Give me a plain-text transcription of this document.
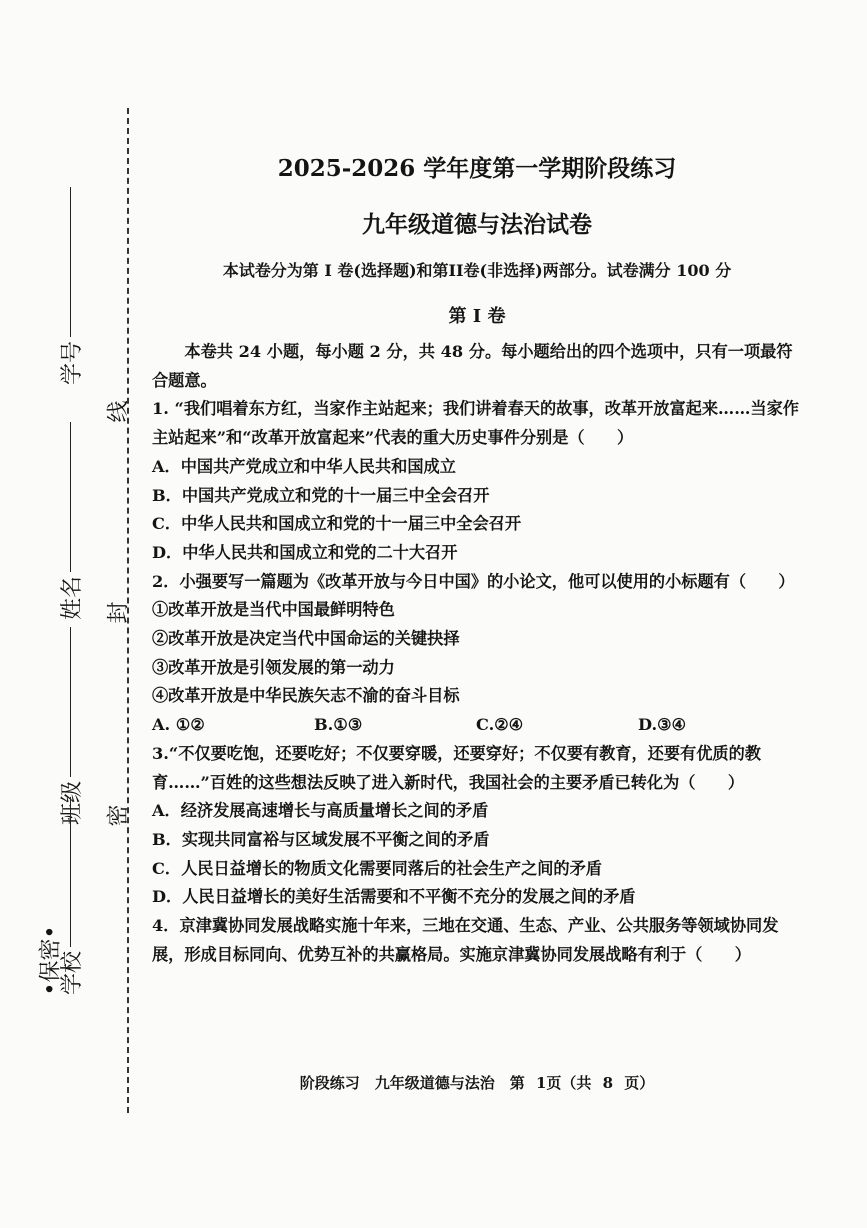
学号
姓名
班级
学校
•保密•
线
封
密
2025-2026 学年度第一学期阶段练习
九年级道德与法治试卷
本试卷分为第 I 卷(选择题)和第II卷(非选择)两部分。试卷满分 100 分
第 I 卷

本卷共 24 小题，每小题 2 分，共 48 分。每小题给出的四个选项中，只有一项最符合题意。

1. “我们唱着东方红，当家作主站起来；我们讲着春天的故事，改革开放富起来……当家作主站起来”和“改革开放富起来”代表的重大历史事件分别是（　　）

A．中国共产党成立和中华人民共和国成立

B．中国共产党成立和党的十一届三中全会召开

C．中华人民共和国成立和党的十一届三中全会召开

D．中华人民共和国成立和党的二十大召开

2．小强要写一篇题为《改革开放与今日中国》的小论文，他可以使用的小标题有（　　）

①改革开放是当代中国最鲜明特色

②改革开放是决定当代中国命运的关键抉择

③改革开放是引领发展的第一动力

④改革开放是中华民族矢志不渝的奋斗目标

A. ①②	B.①③	C.②④	D.③④

3.“不仅要吃饱，还要吃好；不仅要穿暖，还要穿好；不仅要有教育，还要有优质的教育……”百姓的这些想法反映了进入新时代，我国社会的主要矛盾已转化为（　　）

A．经济发展高速增长与高质量增长之间的矛盾

B．实现共同富裕与区域发展不平衡之间的矛盾

C．人民日益增长的物质文化需要同落后的社会生产之间的矛盾

D．人民日益增长的美好生活需要和不平衡不充分的发展之间的矛盾

4．京津冀协同发展战略实施十年来，三地在交通、生态、产业、公共服务等领域协同发展，形成目标同向、优势互补的共赢格局。实施京津冀协同发展战略有利于（　　）

阶段练习　九年级道德与法治　第 1页（共 8 页）
